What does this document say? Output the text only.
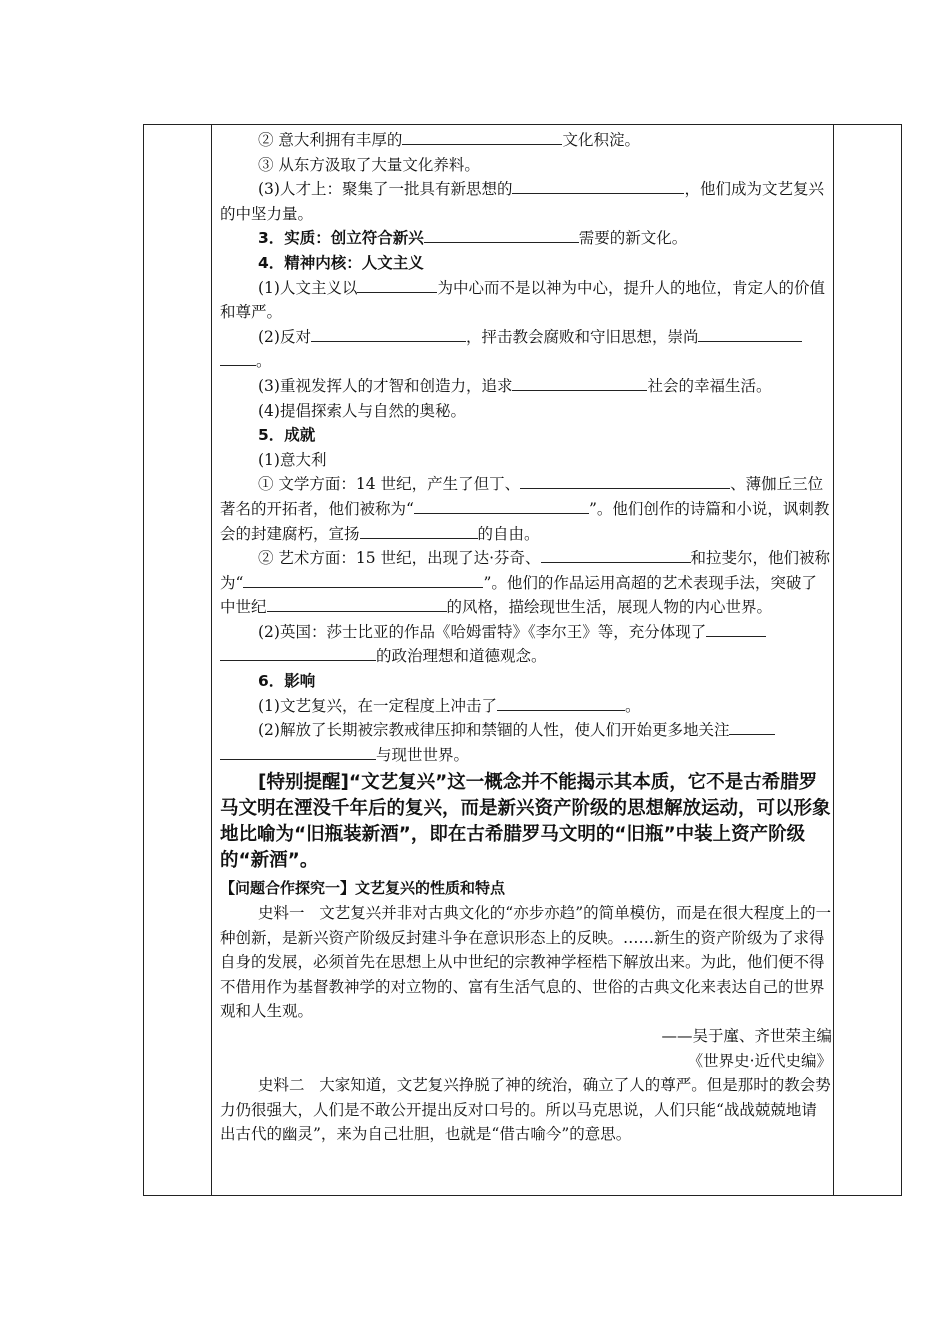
② 意大利拥有丰厚的	文化积淀。

③ 从东方汲取了大量文化养料。

(3)人才上：聚集了一批具有新思想的	，他们成为文艺复兴的中坚力量。

3．实质：创立符合新兴	需要的新文化。

4．精神内核：人文主义

(1)人文主义以	为中心而不是以神为中心，提升人的地位，肯定人的价值和尊严。

(2)反对	，抨击教会腐败和守旧思想，崇尚。

(3)重视发挥人的才智和创造力，追求	社会的幸福生活。

(4)提倡探索人与自然的奥秘。

5．成就

(1)意大利

① 文学方面：14 世纪，产生了但丁、	、薄伽丘三位著名的开拓者，他们被称为“	”。他们创作的诗篇和小说，讽刺教会的封建腐朽，宣扬	的自由。

② 艺术方面：15 世纪，出现了达·芬奇、	和拉斐尔，他们被称为“	”。他们的作品运用高超的艺术表现手法，突破了中世纪	的风格，描绘现世生活，展现人物的内心世界。

(2)英国：莎士比亚的作品《哈姆雷特》《李尔王》等，充分体现了的政治理想和道德观念。

6．影响

(1)文艺复兴，在一定程度上冲击了	。

(2)解放了长期被宗教戒律压抑和禁锢的人性，使人们开始更多地关注与现世世界。

[特别提醒]“文艺复兴”这一概念并不能揭示其本质，它不是古希腊罗马文明在湮没千年后的复兴，而是新兴资产阶级的思想解放运动，可以形象地比喻为“旧瓶装新酒”，即在古希腊罗马文明的“旧瓶”中装上资产阶级的“新酒”。

【问题合作探究一】文艺复兴的性质和特点

史料一 文艺复兴并非对古典文化的“亦步亦趋”的简单模仿，而是在很大程度上的一种创新，是新兴资产阶级反封建斗争在意识形态上的反映。……新生的资产阶级为了求得自身的发展，必须首先在思想上从中世纪的宗教神学桎梏下解放出来。为此，他们便不得不借用作为基督教神学的对立物的、富有生活气息的、世俗的古典文化来表达自己的世界观和人生观。

——吴于廑、齐世荣主编

《世界史·近代史编》

史料二 大家知道，文艺复兴挣脱了神的统治，确立了人的尊严。但是那时的教会势力仍很强大，人们是不敢公开提出反对口号的。所以马克思说，人们只能“战战兢兢地请出古代的幽灵”，来为自己壮胆，也就是“借古喻今”的意思。
